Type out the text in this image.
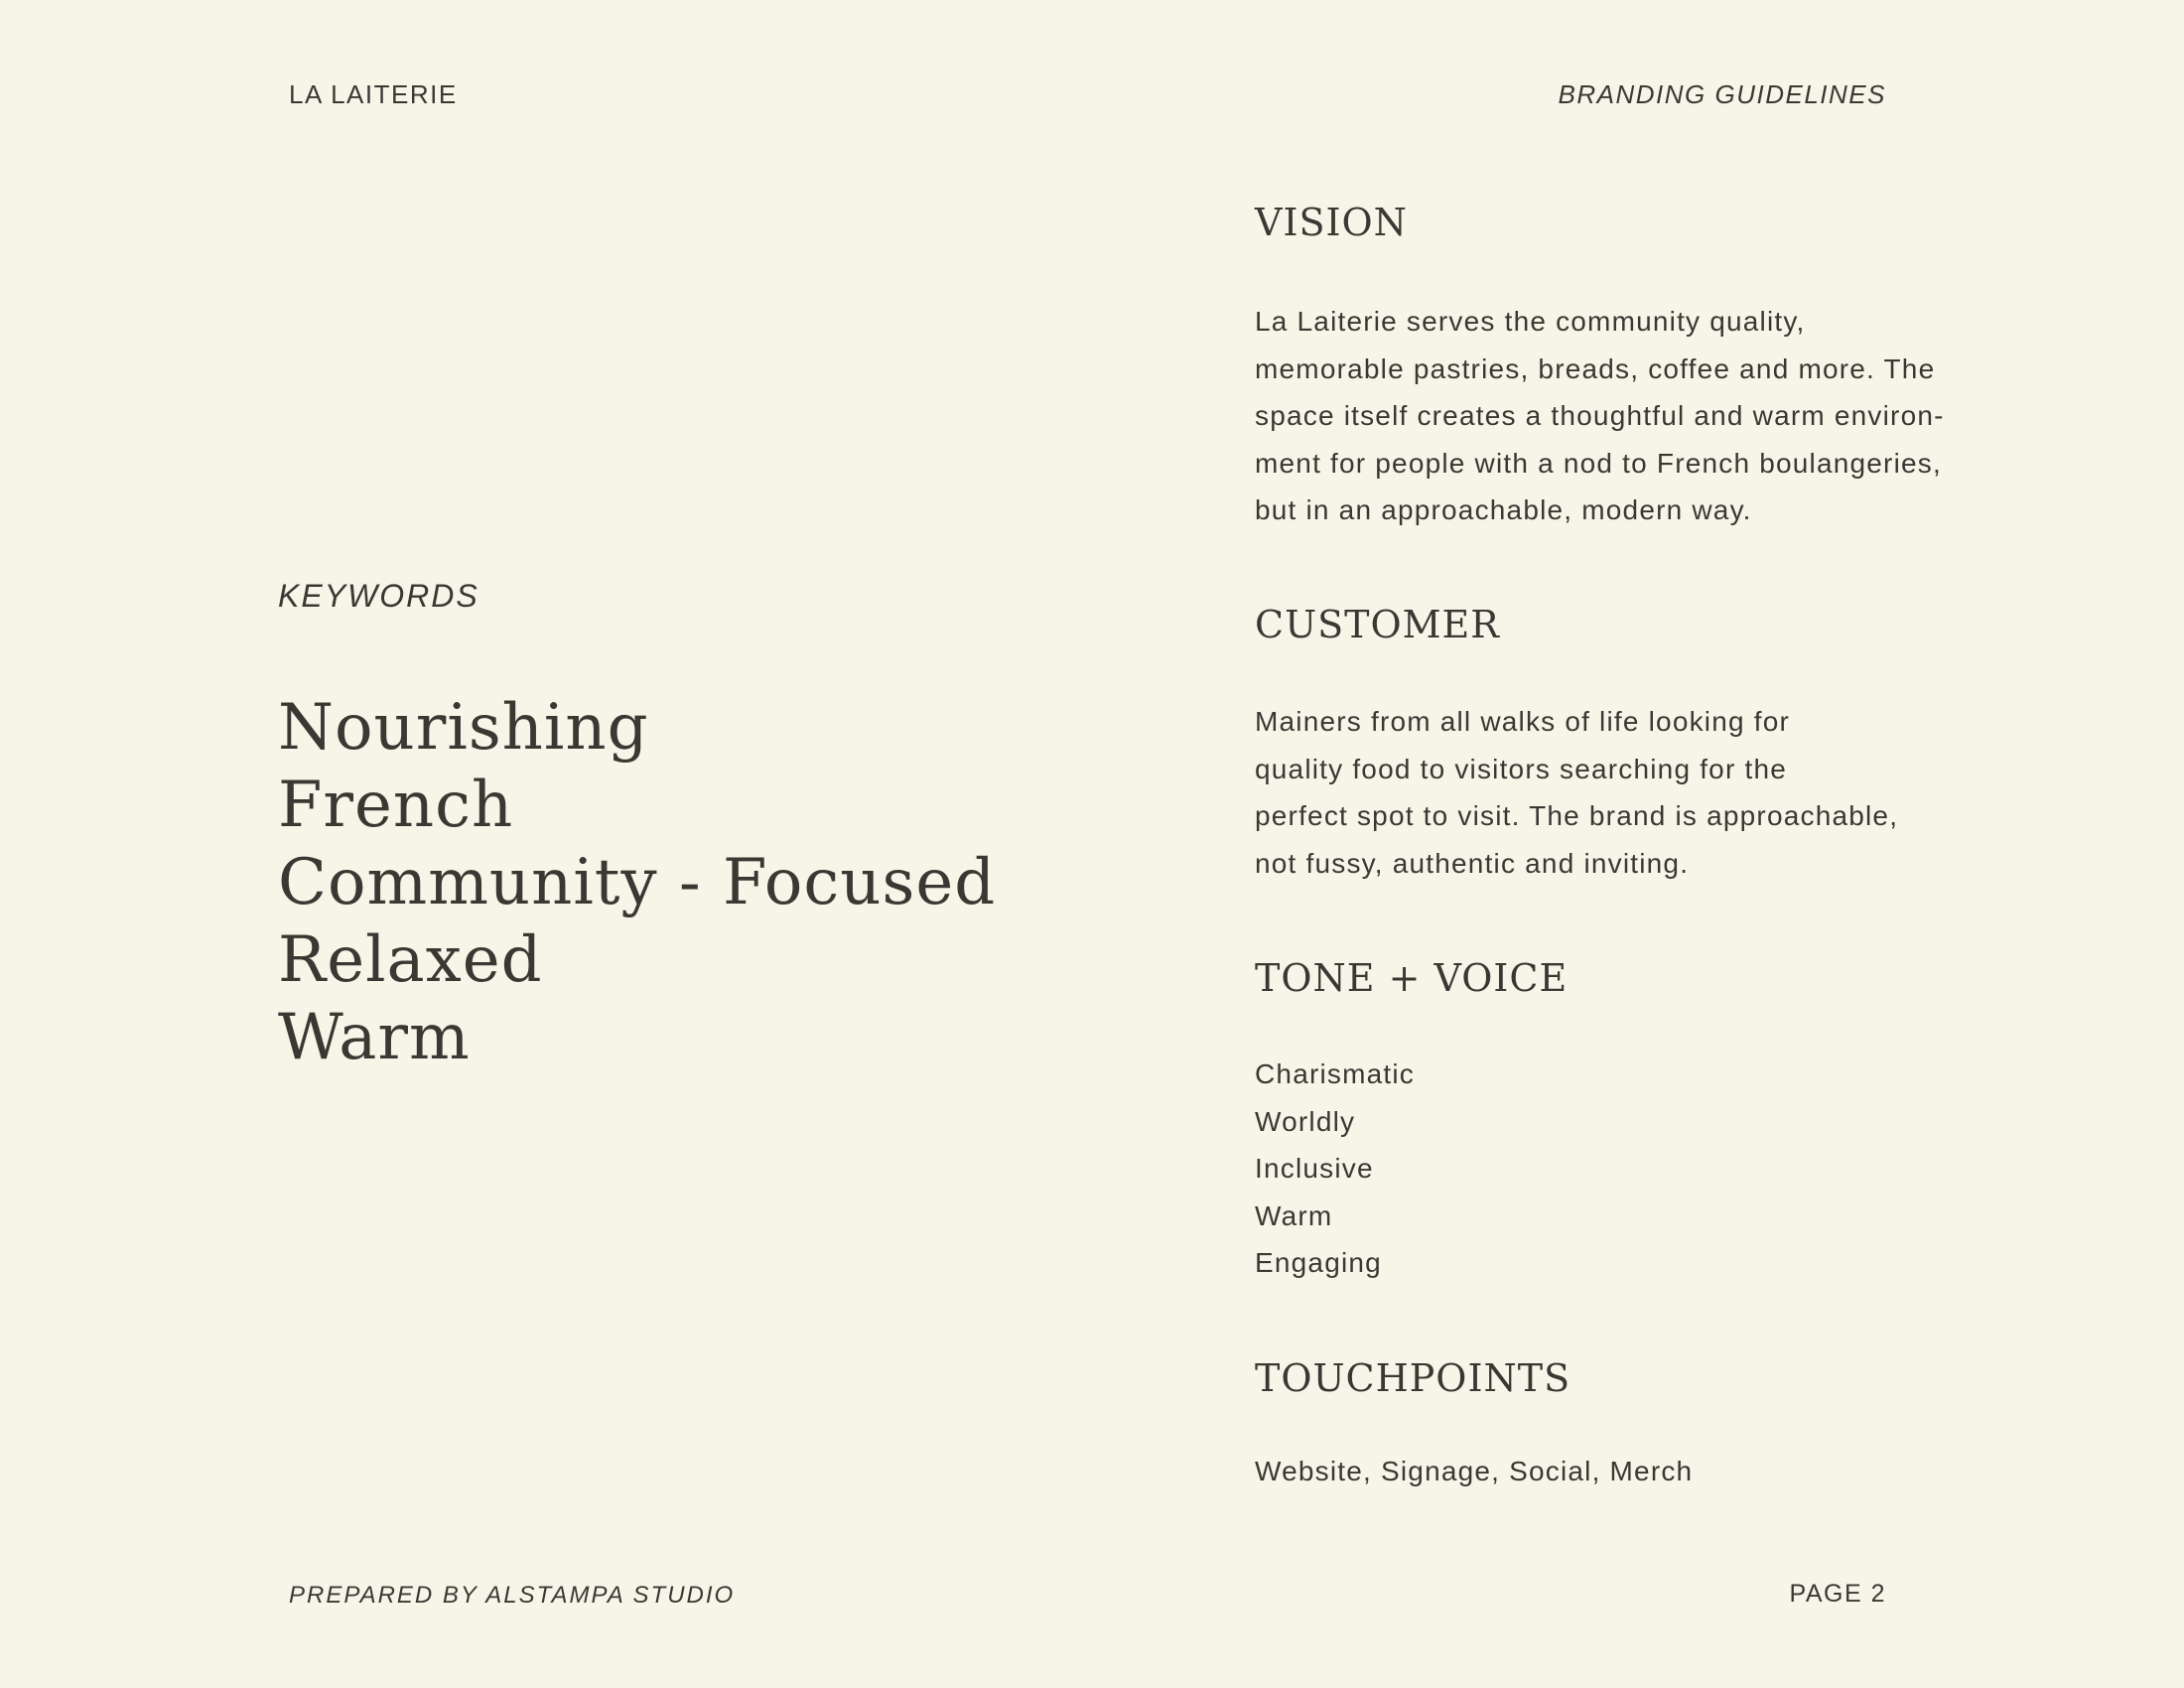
LA LAITERIE	BRANDING GUIDELINES
KEYWORDS
Nourishing
French
Community - Focused
Relaxed
Warm
VISION
La Laiterie serves the community quality,
memorable pastries, breads, coffee and more. The
space itself creates a thoughtful and warm environ-
ment for people with a nod to French boulangeries,
but in an approachable, modern way.
CUSTOMER
Mainers from all walks of life looking for
quality food to visitors searching for the
perfect spot to visit. The brand is approachable,
not fussy, authentic and inviting.
TONE + VOICE
Charismatic
Worldly
Inclusive
Warm
Engaging
TOUCHPOINTS
Website, Signage, Social, Merch
PREPARED BY ALSTAMPA STUDIO	PAGE 2
